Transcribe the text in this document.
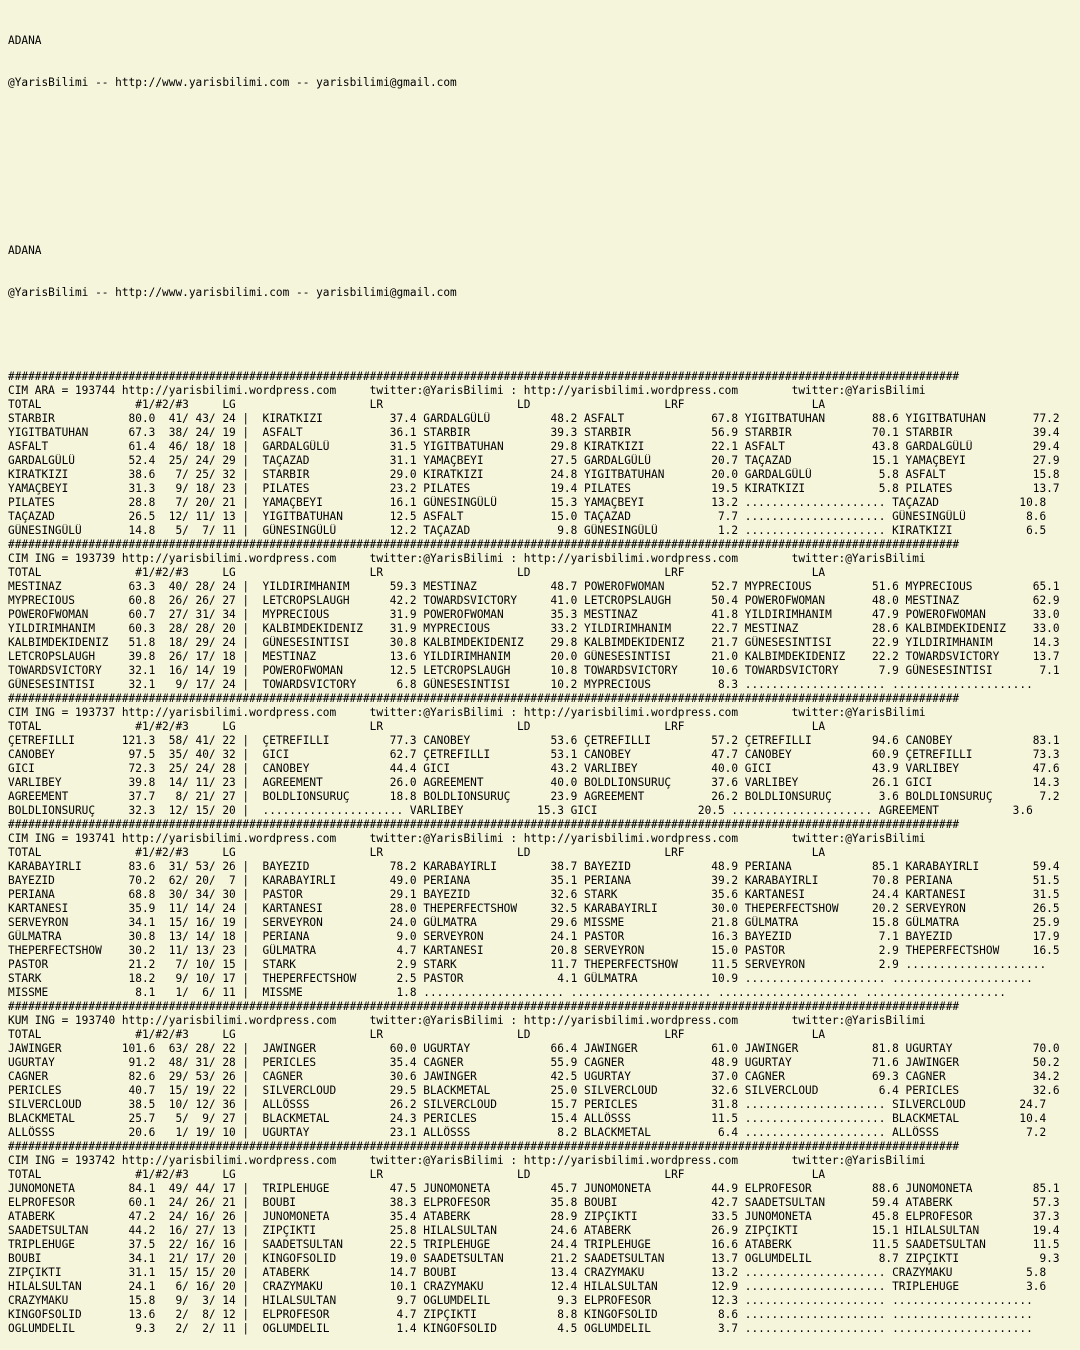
ADANA

@YarisBilimi -- http://www.yarisbilimi.com -- yarisbilimi@gmail.com

ADANA

@YarisBilimi -- http://www.yarisbilimi.com -- yarisbilimi@gmail.com

##############################################################################################################################################
CIM ARA = 193744 http://yarisbilimi.wordpress.com     twitter:@YarisBilimi : http://yarisbilimi.wordpress.com        twitter:@YarisBilimi
TOTAL              #1/#2/#3     LG                    LR                    LD                    LRF                   LA
STARBIR           80.0  41/ 43/ 24 |  KIRATKIZI          37.4 GARDALGÜLÜ         48.2 ASFALT             67.8 YIGITBATUHAN       88.6 YIGITBATUHAN       77.2
YIGITBATUHAN      67.3  38/ 24/ 19 |  ASFALT             36.1 STARBIR            39.3 STARBIR            56.9 STARBIR            70.1 STARBIR            39.4
ASFALT            61.4  46/ 18/ 18 |  GARDALGÜLÜ         31.5 YIGITBATUHAN       29.8 KIRATKIZI          22.1 ASFALT             43.8 GARDALGÜLÜ         29.4
GARDALGÜLÜ        52.4  25/ 24/ 29 |  TAÇAZAD            31.1 YAMAÇBEYI          27.5 GARDALGÜLÜ         20.7 TAÇAZAD            15.1 YAMAÇBEYI          27.9
KIRATKIZI         38.6   7/ 25/ 32 |  STARBIR            29.0 KIRATKIZI          24.8 YIGITBATUHAN       20.0 GARDALGÜLÜ          5.8 ASFALT             15.8
YAMAÇBEYI         31.3   9/ 18/ 23 |  PILATES            23.2 PILATES            19.4 PILATES            19.5 KIRATKIZI           5.8 PILATES            13.7
PILATES           28.8   7/ 20/ 21 |  YAMAÇBEYI          16.1 GÜNESINGÜLÜ        15.3 YAMAÇBEYI          13.2 ..................... TAÇAZAD            10.8
TAÇAZAD           26.5  12/ 11/ 13 |  YIGITBATUHAN       12.5 ASFALT             15.0 TAÇAZAD             7.7 ..................... GÜNESINGÜLÜ         8.6
GÜNESINGÜLÜ       14.8   5/  7/ 11 |  GÜNESINGÜLÜ        12.2 TAÇAZAD             9.8 GÜNESINGÜLÜ         1.2 ..................... KIRATKIZI           6.5
##############################################################################################################################################
CIM ING = 193739 http://yarisbilimi.wordpress.com     twitter:@YarisBilimi : http://yarisbilimi.wordpress.com        twitter:@YarisBilimi
TOTAL              #1/#2/#3     LG                    LR                    LD                    LRF                   LA
MESTINAZ          63.3  40/ 28/ 24 |  YILDIRIMHANIM      59.3 MESTINAZ           48.7 POWEROFWOMAN       52.7 MYPRECIOUS         51.6 MYPRECIOUS         65.1
MYPRECIOUS        60.8  26/ 26/ 27 |  LETCROPSLAUGH      42.2 TOWARDSVICTORY     41.0 LETCROPSLAUGH      50.4 POWEROFWOMAN       48.0 MESTINAZ           62.9
POWEROFWOMAN      60.7  27/ 31/ 34 |  MYPRECIOUS         31.9 POWEROFWOMAN       35.3 MESTINAZ           41.8 YILDIRIMHANIM      47.9 POWEROFWOMAN       33.0
YILDIRIMHANIM     60.3  28/ 28/ 20 |  KALBIMDEKIDENIZ    31.9 MYPRECIOUS         33.2 YILDIRIMHANIM      22.7 MESTINAZ           28.6 KALBIMDEKIDENIZ    33.0
KALBIMDEKIDENIZ   51.8  18/ 29/ 24 |  GÜNESESINTISI      30.8 KALBIMDEKIDENIZ    29.8 KALBIMDEKIDENIZ    21.7 GÜNESESINTISI      22.9 YILDIRIMHANIM      14.3
LETCROPSLAUGH     39.8  26/ 17/ 18 |  MESTINAZ           13.6 YILDIRIMHANIM      20.0 GÜNESESINTISI      21.0 KALBIMDEKIDENIZ    22.2 TOWARDSVICTORY     13.7
TOWARDSVICTORY    32.1  16/ 14/ 19 |  POWEROFWOMAN       12.5 LETCROPSLAUGH      10.8 TOWARDSVICTORY     10.6 TOWARDSVICTORY      7.9 GÜNESESINTISI       7.1
GÜNESESINTISI     32.1   9/ 17/ 24 |  TOWARDSVICTORY      6.8 GÜNESESINTISI      10.2 MYPRECIOUS          8.3 ..................... .....................
##############################################################################################################################################
CIM ING = 193737 http://yarisbilimi.wordpress.com     twitter:@YarisBilimi : http://yarisbilimi.wordpress.com        twitter:@YarisBilimi
TOTAL              #1/#2/#3     LG                    LR                    LD                    LRF                   LA
ÇETREFILLI       121.3  58/ 41/ 22 |  ÇETREFILLI         77.3 CANOBEY            53.6 ÇETREFILLI         57.2 ÇETREFILLI         94.6 CANOBEY            83.1
CANOBEY           97.5  35/ 40/ 32 |  GICI               62.7 ÇETREFILLI         53.1 CANOBEY            47.7 CANOBEY            60.9 ÇETREFILLI         73.3
GICI              72.3  25/ 24/ 28 |  CANOBEY            44.4 GICI               43.2 VARLIBEY           40.0 GICI               43.9 VARLIBEY           47.6
VARLIBEY          39.8  14/ 11/ 23 |  AGREEMENT          26.0 AGREEMENT          40.0 BOLDLIONSURUÇ      37.6 VARLIBEY           26.1 GICI               14.3
AGREEMENT         37.7   8/ 21/ 27 |  BOLDLIONSURUÇ      18.8 BOLDLIONSURUÇ      23.9 AGREEMENT          26.2 BOLDLIONSURUÇ       3.6 BOLDLIONSURUÇ       7.2
BOLDLIONSURUÇ     32.3  12/ 15/ 20 |  ..................... VARLIBEY           15.3 GICI               20.5 ..................... AGREEMENT           3.6
##############################################################################################################################################
CIM ING = 193741 http://yarisbilimi.wordpress.com     twitter:@YarisBilimi : http://yarisbilimi.wordpress.com        twitter:@YarisBilimi
TOTAL              #1/#2/#3     LG                    LR                    LD                    LRF                   LA
KARABAYIRLI       83.6  31/ 53/ 26 |  BAYEZID            78.2 KARABAYIRLI        38.7 BAYEZID            48.9 PERIANA            85.1 KARABAYIRLI        59.4
BAYEZID           70.2  62/ 20/  7 |  KARABAYIRLI        49.0 PERIANA            35.1 PERIANA            39.2 KARABAYIRLI        70.8 PERIANA            51.5
PERIANA           68.8  30/ 34/ 30 |  PASTOR             29.1 BAYEZID            32.6 STARK              35.6 KARTANESI          24.4 KARTANESI          31.5
KARTANESI         35.9  11/ 14/ 24 |  KARTANESI          28.0 THEPERFECTSHOW     32.5 KARABAYIRLI        30.0 THEPERFECTSHOW     20.2 SERVEYRON          26.5
SERVEYRON         34.1  15/ 16/ 19 |  SERVEYRON          24.0 GÜLMATRA           29.6 MISSME             21.8 GÜLMATRA           15.8 GÜLMATRA           25.9
GÜLMATRA          30.8  13/ 14/ 18 |  PERIANA             9.0 SERVEYRON          24.1 PASTOR             16.3 BAYEZID             7.1 BAYEZID            17.9
THEPERFECTSHOW    30.2  11/ 13/ 23 |  GÜLMATRA            4.7 KARTANESI          20.8 SERVEYRON          15.0 PASTOR              2.9 THEPERFECTSHOW     16.5
PASTOR            21.2   7/ 10/ 15 |  STARK               2.9 STARK              11.7 THEPERFECTSHOW     11.5 SERVEYRON           2.9 .....................
STARK             18.2   9/ 10/ 17 |  THEPERFECTSHOW      2.5 PASTOR              4.1 GÜLMATRA           10.9 ..................... .....................
MISSME             8.1   1/  6/ 11 |  MISSME              1.8 ..................... ..................... ..................... .....................
##############################################################################################################################################
KUM ING = 193740 http://yarisbilimi.wordpress.com     twitter:@YarisBilimi : http://yarisbilimi.wordpress.com        twitter:@YarisBilimi
TOTAL              #1/#2/#3     LG                    LR                    LD                    LRF                   LA
JAWINGER         101.6  63/ 28/ 22 |  JAWINGER           60.0 UGURTAY            66.4 JAWINGER           61.0 JAWINGER           81.8 UGURTAY            70.0
UGURTAY           91.2  48/ 31/ 28 |  PERICLES           35.4 CAGNER             55.9 CAGNER             48.9 UGURTAY            71.6 JAWINGER           50.2
CAGNER            82.6  29/ 53/ 26 |  CAGNER             30.6 JAWINGER           42.5 UGURTAY            37.0 CAGNER             69.3 CAGNER             34.2
PERICLES          40.7  15/ 19/ 22 |  SILVERCLOUD        29.5 BLACKMETAL         25.0 SILVERCLOUD        32.6 SILVERCLOUD         6.4 PERICLES           32.6
SILVERCLOUD       38.5  10/ 12/ 36 |  ALLÖSSS            26.2 SILVERCLOUD        15.7 PERICLES           31.8 ..................... SILVERCLOUD        24.7
BLACKMETAL        25.7   5/  9/ 27 |  BLACKMETAL         24.3 PERICLES           15.4 ALLÖSSS            11.5 ..................... BLACKMETAL         10.4
ALLÖSSS           20.6   1/ 19/ 10 |  UGURTAY            23.1 ALLÖSSS             8.2 BLACKMETAL          6.4 ..................... ALLÖSSS             7.2
##############################################################################################################################################
CIM ING = 193742 http://yarisbilimi.wordpress.com     twitter:@YarisBilimi : http://yarisbilimi.wordpress.com        twitter:@YarisBilimi
TOTAL              #1/#2/#3     LG                    LR                    LD                    LRF                   LA
JUNOMONETA        84.1  49/ 44/ 17 |  TRIPLEHUGE         47.5 JUNOMONETA         45.7 JUNOMONETA         44.9 ELPROFESOR         88.6 JUNOMONETA         85.1
ELPROFESOR        60.1  24/ 26/ 21 |  BOUBI              38.3 ELPROFESOR         35.8 BOUBI              42.7 SAADETSULTAN       59.4 ATABERK            57.3
ATABERK           47.2  24/ 16/ 26 |  JUNOMONETA         35.4 ATABERK            28.9 ZIPÇIKTI           33.5 JUNOMONETA         45.8 ELPROFESOR         37.3
SAADETSULTAN      44.2  16/ 27/ 13 |  ZIPÇIKTI           25.8 HILALSULTAN        24.6 ATABERK            26.9 ZIPÇIKTI           15.1 HILALSULTAN        19.4
TRIPLEHUGE        37.5  22/ 16/ 16 |  SAADETSULTAN       22.5 TRIPLEHUGE         24.4 TRIPLEHUGE         16.6 ATABERK            11.5 SAADETSULTAN       11.5
BOUBI             34.1  21/ 17/ 20 |  KINGOFSOLID        19.0 SAADETSULTAN       21.2 SAADETSULTAN       13.7 OGLUMDELIL          8.7 ZIPÇIKTI            9.3
ZIPÇIKTI          31.1  15/ 15/ 20 |  ATABERK            14.7 BOUBI              13.4 CRAZYMAKU          13.2 ..................... CRAZYMAKU           5.8
HILALSULTAN       24.1   6/ 16/ 20 |  CRAZYMAKU          10.1 CRAZYMAKU          12.4 HILALSULTAN        12.9 ..................... TRIPLEHUGE          3.6
CRAZYMAKU         15.8   9/  3/ 14 |  HILALSULTAN         9.7 OGLUMDELIL          9.3 ELPROFESOR         12.3 ..................... .....................
KINGOFSOLID       13.6   2/  8/ 12 |  ELPROFESOR          4.7 ZIPÇIKTI            8.8 KINGOFSOLID         8.6 ..................... .....................
OGLUMDELIL         9.3   2/  2/ 11 |  OGLUMDELIL          1.4 KINGOFSOLID         4.5 OGLUMDELIL          3.7 ..................... .....................
